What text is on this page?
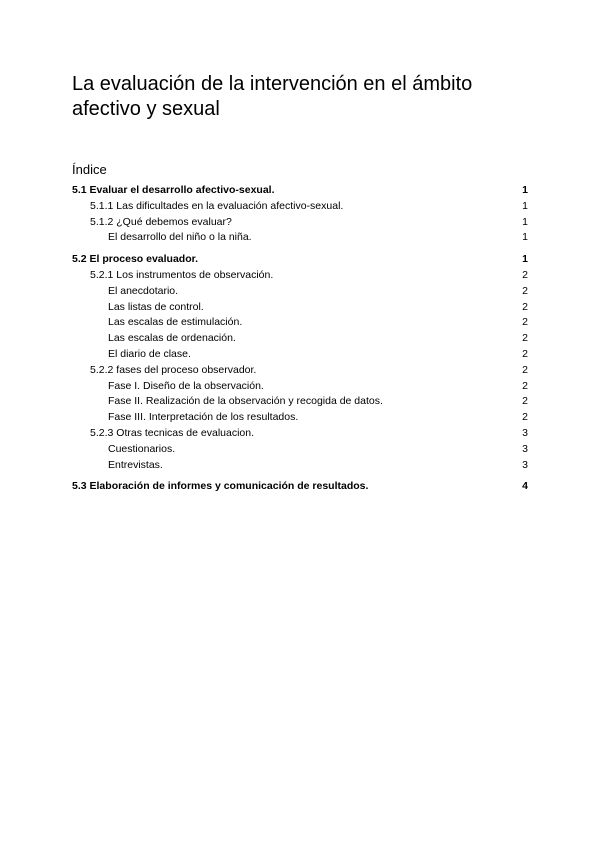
La evaluación de la intervención en el ámbito afectivo y sexual
Índice
5.1 Evaluar el desarrollo afectivo-sexual.	1
5.1.1 Las dificultades en la evaluación afectivo-sexual.	1
5.1.2 ¿Qué debemos evaluar?	1
El desarrollo del niño o la niña.	1
5.2 El proceso evaluador.	1
5.2.1 Los instrumentos de observación.	2
El anecdotario.	2
Las listas de control.	2
Las escalas de estimulación.	2
Las escalas de ordenación.	2
El diario de clase.	2
5.2.2 fases del proceso observador.	2
Fase I. Diseño de la observación.	2
Fase II. Realización de la observación y recogida de datos.	2
Fase III. Interpretación de los resultados.	2
5.2.3 Otras tecnicas de evaluacion.	3
Cuestionarios.	3
Entrevistas.	3
5.3 Elaboración de informes y comunicación de resultados.	4
